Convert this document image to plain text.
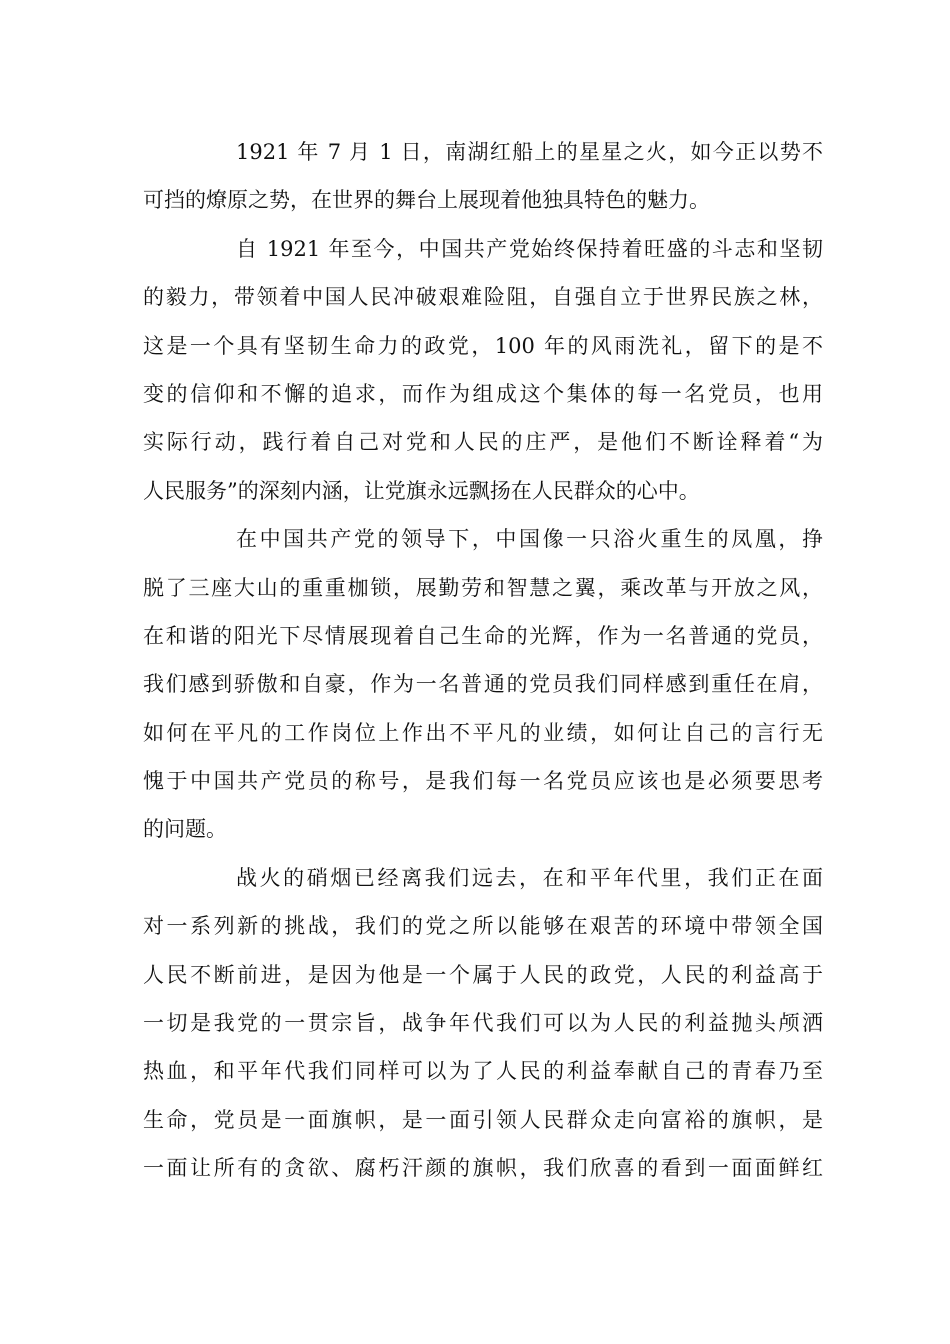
1921 年 7 月 1 日，南湖红船上的星星之火，如今正以势不
可挡的燎原之势，在世界的舞台上展现着他独具特色的魅力。
自 1921 年至今，中国共产党始终保持着旺盛的斗志和坚韧
的毅力，带领着中国人民冲破艰难险阻，自强自立于世界民族之林，
这是一个具有坚韧生命力的政党，100 年的风雨洗礼，留下的是不
变的信仰和不懈的追求，而作为组成这个集体的每一名党员，也用
实际行动，践行着自己对党和人民的庄严，是他们不断诠释着“为
人民服务”的深刻内涵，让党旗永远飘扬在人民群众的心中。
在中国共产党的领导下，中国像一只浴火重生的凤凰，挣
脱了三座大山的重重枷锁，展勤劳和智慧之翼，乘改革与开放之风，
在和谐的阳光下尽情展现着自己生命的光辉，作为一名普通的党员，
我们感到骄傲和自豪，作为一名普通的党员我们同样感到重任在肩，
如何在平凡的工作岗位上作出不平凡的业绩，如何让自己的言行无
愧于中国共产党员的称号，是我们每一名党员应该也是必须要思考
的问题。
战火的硝烟已经离我们远去，在和平年代里，我们正在面
对一系列新的挑战，我们的党之所以能够在艰苦的环境中带领全国
人民不断前进，是因为他是一个属于人民的政党，人民的利益高于
一切是我党的一贯宗旨，战争年代我们可以为人民的利益抛头颅洒
热血，和平年代我们同样可以为了人民的利益奉献自己的青春乃至
生命，党员是一面旗帜，是一面引领人民群众走向富裕的旗帜，是
一面让所有的贪欲、腐朽汗颜的旗帜，我们欣喜的看到一面面鲜红
